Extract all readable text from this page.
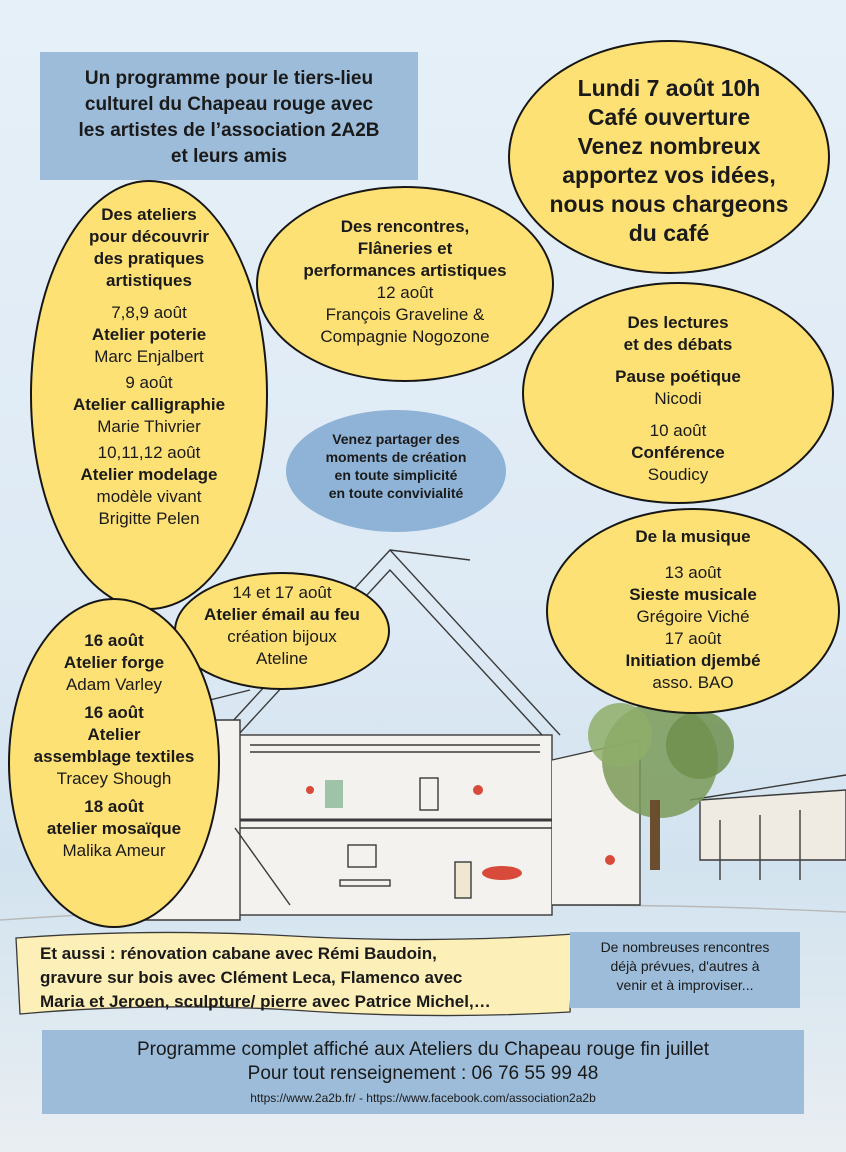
Un programme pour le tiers-lieu
culturel du Chapeau rouge avec
les artistes de l’association 2A2B
et leurs amis

Lundi 7 août 10h

Café ouverture

Venez nombreux

apportez vos idées,

nous nous chargeons

du café

Des ateliers

pour découvrir

des pratiques

artistiques

7,8,9 août

Atelier poterie

Marc Enjalbert

9 août

Atelier calligraphie

Marie Thivrier

10,11,12 août

Atelier modelage

modèle vivant

Brigitte Pelen

Des rencontres,

Flâneries et

performances artistiques

12 août

François Graveline &

Compagnie Nogozone

Des lectures

et des débats

Pause poétique

Nicodi

10 août

Conférence

Soudicy

Venez partager des
moments de création
en toute simplicité
en toute convivialité

De la musique

13 août

Sieste musicale

Grégoire Viché

17 août

Initiation djembé

asso. BAO

14 et 17 août

Atelier émail au feu

création bijoux

Ateline

16 août

Atelier forge

Adam Varley

16 août

Atelier

assemblage textiles

Tracey Shough

18 août

atelier mosaïque

Malika Ameur

Et aussi : rénovation cabane avec Rémi Baudoin,
gravure sur bois avec Clément Leca, Flamenco avec
Maria et Jeroen, sculpture/ pierre avec Patrice Michel,…
De nombreuses rencontres
déjà prévues, d'autres à
venir et à improviser...
Programme complet affiché aux Ateliers du Chapeau rouge fin juillet
Pour tout renseignement : 06 76 55 99 48
https://www.2a2b.fr/ - https://www.facebook.com/association2a2b
